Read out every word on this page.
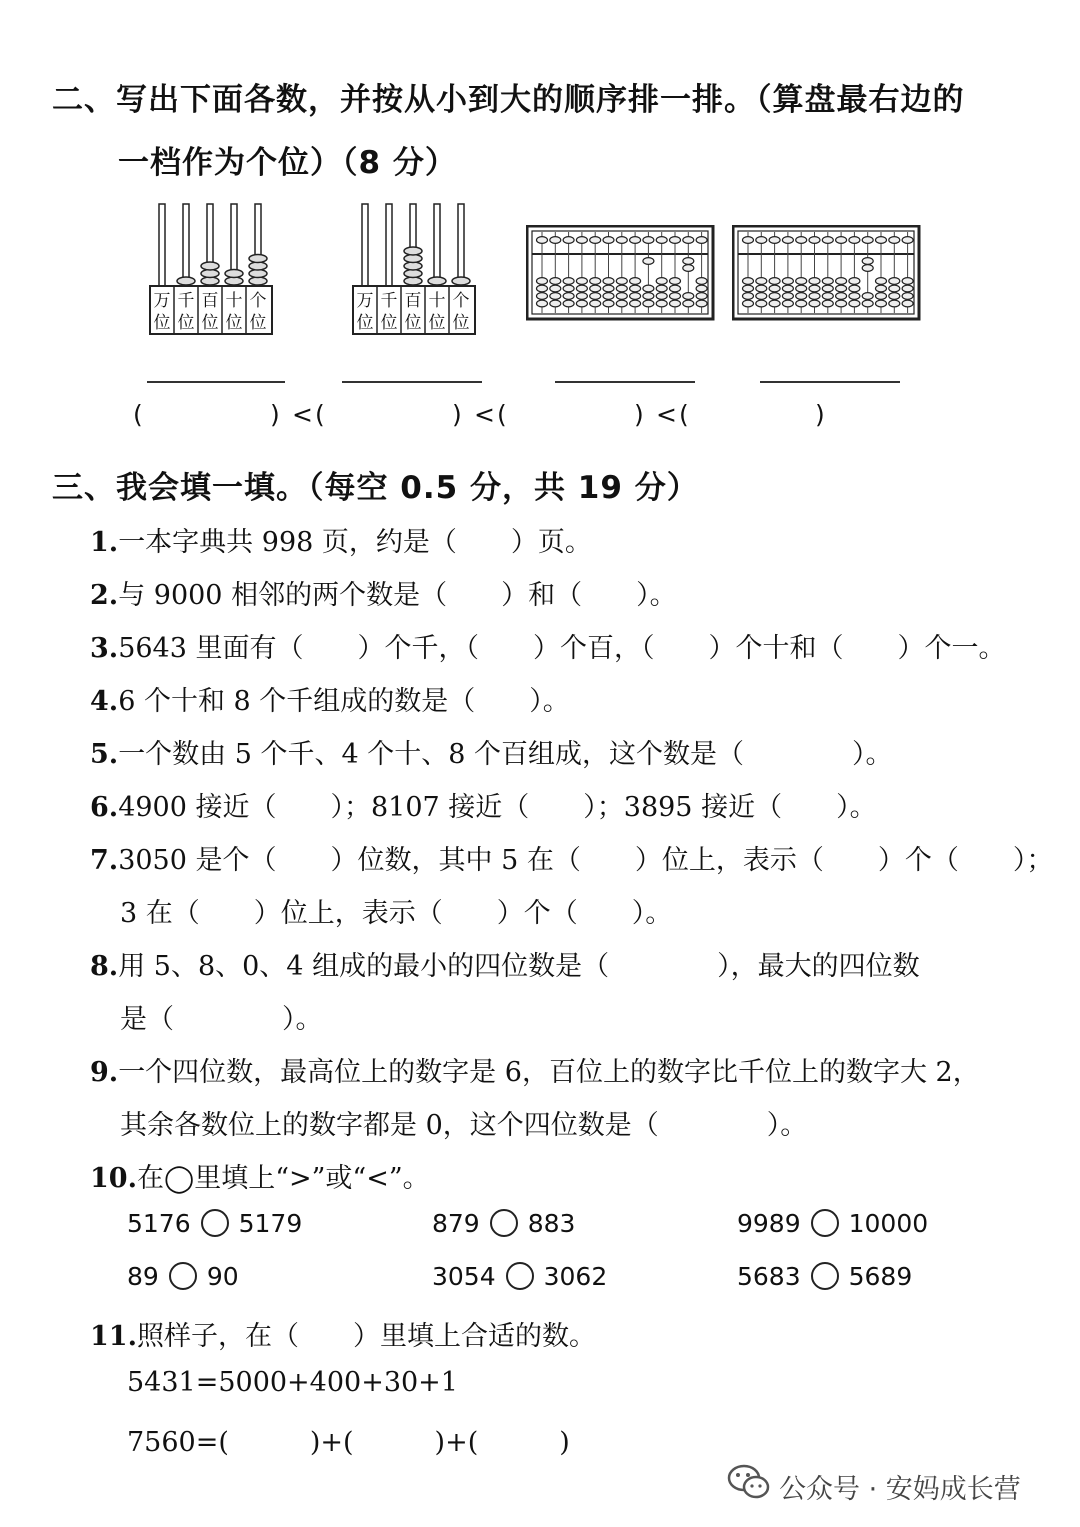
二、写出下面各数，并按从小到大的顺序排一排。（算盘最右边的
一档作为个位）（8 分）
万
位
千
位
百
位
十
位
个
位
万
位
千
位
百
位
十
位
个
位
(	) < (	) < (	) < (	)
三、我会填一填。（每空 0.5 分，共 19 分）
1.一本字典共 998 页，约是（　　）页。
2.与 9000 相邻的两个数是（　　）和（　　）。
3.5643 里面有（　　）个千，（　　）个百，（　　）个十和（　　）个一。
4.6 个十和 8 个千组成的数是（　　）。
5.一个数由 5 个千、4 个十、8 个百组成，这个数是（　　　　）。
6.4900 接近（　　）；8107 接近（　　）；3895 接近（　　）。
7.3050 是个（　　）位数，其中 5 在（　　）位上，表示（　　）个（　　）；
3 在（　　）位上，表示（　　）个（　　）。
8.用 5、8、0、4 组成的最小的四位数是（　　　　），最大的四位数
是（　　　　）。
9.一个四位数，最高位上的数字是 6，百位上的数字比千位上的数字大 2，
其余各数位上的数字都是 0，这个四位数是（　　　　）。
10.在◯里填上“>”或“<”。
5176 5179	879 883	9989 10000
89 90	3054 3062	5683 5689
11.照样子，在（　　）里填上合适的数。
5431=5000+400+30+1
7560=(　　　)+(　　　)+(　　　)
公众号 · 安妈成长营
